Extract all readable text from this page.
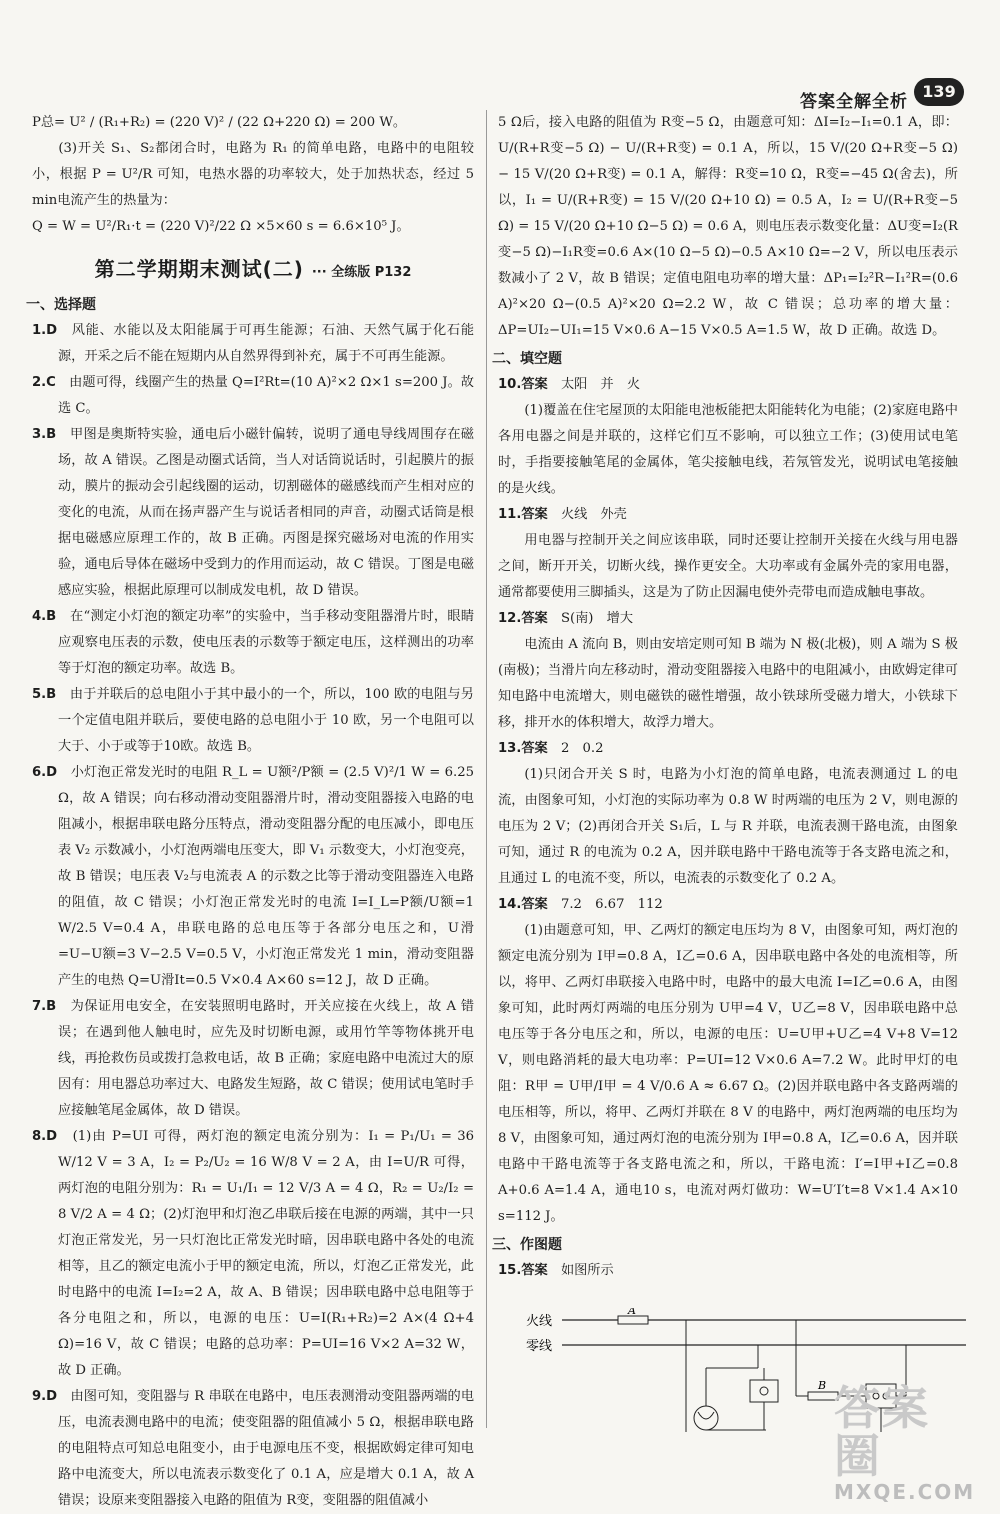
答案全解全析
139

P总= U² / (R₁+R₂) = (220 V)² / (22 Ω+220 Ω) = 200 W。

(3)开关 S₁、S₂都闭合时，电路为 R₁ 的简单电路，电路中的电阻较小，根据 P = U²/R 可知，电热水器的功率较大，处于加热状态，经过 5 min电流产生的热量为：

Q = W = U²/R₁·t = (220 V)²/22 Ω ×5×60 s = 6.6×10⁵ J。

第二学期期末测试(二) ··· 全练版 P132
一、选择题

1.D　 风能、水能以及太阳能属于可再生能源；石油、天然气属于化石能源，开采之后不能在短期内从自然界得到补充，属于不可再生能源。

2.C　 由题可得，线圈产生的热量 Q=I²Rt=(10 A)²×2 Ω×1 s=200 J。故选 C。

3.B　 甲图是奥斯特实验，通电后小磁针偏转，说明了通电导线周围存在磁场，故 A 错误。乙图是动圈式话筒，当人对话筒说话时，引起膜片的振动，膜片的振动会引起线圈的运动，切割磁体的磁感线而产生相对应的变化的电流，从而在扬声器产生与说话者相同的声音，动圈式话筒是根据电磁感应原理工作的，故 B 正确。丙图是探究磁场对电流的作用实验，通电后导体在磁场中受到力的作用而运动，故 C 错误。丁图是电磁感应实验，根据此原理可以制成发电机，故 D 错误。

4.B　 在“测定小灯泡的额定功率”的实验中，当手移动变阻器滑片时，眼睛应观察电压表的示数，使电压表的示数等于额定电压，这样测出的功率等于灯泡的额定功率。故选 B。

5.B　 由于并联后的总电阻小于其中最小的一个，所以，100 欧的电阻与另一个定值电阻并联后，要使电路的总电阻小于 10 欧，另一个电阻可以大于、小于或等于10欧。故选 B。

6.D　 小灯泡正常发光时的电阻 R_L = U额²/P额 = (2.5 V)²/1 W = 6.25 Ω，故 A 错误；向右移动滑动变阻器滑片时，滑动变阻器接入电路的电阻减小，根据串联电路分压特点，滑动变阻器分配的电压减小，即电压表 V₂ 示数减小，小灯泡两端电压变大，即 V₁ 示数变大，小灯泡变亮，故 B 错误；电压表 V₂与电流表 A 的示数之比等于滑动变阻器连入电路的阻值，故 C 错误；小灯泡正常发光时的电流 I=I_L=P额/U额=1 W/2.5 V=0.4 A，串联电路的总电压等于各部分电压之和，U滑=U−U额=3 V−2.5 V=0.5 V，小灯泡正常发光 1 min，滑动变阻器产生的电热 Q=U滑It=0.5 V×0.4 A×60 s=12 J，故 D 正确。

7.B　 为保证用电安全，在安装照明电路时，开关应接在火线上，故 A 错误；在遇到他人触电时，应先及时切断电源，或用竹竿等物体挑开电线，再抢救伤员或拨打急救电话，故 B 正确；家庭电路中电流过大的原因有：用电器总功率过大、电路发生短路，故 C 错误；使用试电笔时手应接触笔尾金属体，故 D 错误。

8.D　 (1)由 P=UI 可得，两灯泡的额定电流分别为：I₁ = P₁/U₁ = 36 W/12 V = 3 A，I₂ = P₂/U₂ = 16 W/8 V = 2 A，由 I=U/R 可得，两灯泡的电阻分别为：R₁ = U₁/I₁ = 12 V/3 A = 4 Ω，R₂ = U₂/I₂ = 8 V/2 A = 4 Ω；(2)灯泡甲和灯泡乙串联后接在电源的两端，其中一只灯泡正常发光，另一只灯泡比正常发光时暗，因串联电路中各处的电流相等，且乙的额定电流小于甲的额定电流，所以，灯泡乙正常发光，此时电路中的电流 I=I₂=2 A，故 A、B 错误；因串联电路中总电阻等于各分电阻之和，所以，电源的电压：U=I(R₁+R₂)=2 A×(4 Ω+4 Ω)=16 V，故 C 错误；电路的总功率：P=UI=16 V×2 A=32 W，故 D 正确。

9.D　 由图可知，变阻器与 R 串联在电路中，电压表测滑动变阻器两端的电压，电流表测电路中的电流；使变阻器的阻值减小 5 Ω，根据串联电路的电阻特点可知总电阻变小，由于电源电压不变，根据欧姆定律可知电路中电流变大，所以电流表示数变化了 0.1 A，应是增大 0.1 A，故 A 错误；设原来变阻器接入电路的阻值为 R变，变阻器的阻值减小

5 Ω后，接入电路的阻值为 R变−5 Ω，由题意可知：ΔI=I₂−I₁=0.1 A，即：U/(R+R变−5 Ω) − U/(R+R变) = 0.1 A，所以，15 V/(20 Ω+R变−5 Ω) − 15 V/(20 Ω+R变) = 0.1 A，解得：R变=10 Ω，R变=−45 Ω(舍去)，所以，I₁ = U/(R+R变) = 15 V/(20 Ω+10 Ω) = 0.5 A，I₂ = U/(R+R变−5 Ω) = 15 V/(20 Ω+10 Ω−5 Ω) = 0.6 A，则电压表示数变化量：ΔU变=I₂(R变−5 Ω)−I₁R变=0.6 A×(10 Ω−5 Ω)−0.5 A×10 Ω=−2 V，所以电压表示数减小了 2 V，故 B 错误；定值电阻电功率的增大量：ΔP₁=I₂²R−I₁²R=(0.6 A)²×20 Ω−(0.5 A)²×20 Ω=2.2 W，故 C 错误；总功率的增大量：ΔP=UI₂−UI₁=15 V×0.6 A−15 V×0.5 A=1.5 W，故 D 正确。故选 D。

二、填空题

10.答案　 太阳　并　火

(1)覆盖在住宅屋顶的太阳能电池板能把太阳能转化为电能；(2)家庭电路中各用电器之间是并联的，这样它们互不影响，可以独立工作；(3)使用试电笔时，手指要接触笔尾的金属体，笔尖接触电线，若氖管发光，说明试电笔接触的是火线。

11.答案　 火线　外壳

用电器与控制开关之间应该串联，同时还要让控制开关接在火线与用电器之间，断开开关，切断火线，操作更安全。大功率或有金属外壳的家用电器，通常都要使用三脚插头，这是为了防止因漏电使外壳带电而造成触电事故。

12.答案　 S(南)　增大

电流由 A 流向 B，则由安培定则可知 B 端为 N 极(北极)，则 A 端为 S 极(南极)；当滑片向左移动时，滑动变阻器接入电路中的电阻减小，由欧姆定律可知电路中电流增大，则电磁铁的磁性增强，故小铁球所受磁力增大，小铁球下移，排开水的体积增大，故浮力增大。

13.答案　 2　0.2

(1)只闭合开关 S 时，电路为小灯泡的简单电路，电流表测通过 L 的电流，由图象可知，小灯泡的实际功率为 0.8 W 时两端的电压为 2 V，则电源的电压为 2 V；(2)再闭合开关 S₁后，L 与 R 并联，电流表测干路电流，由图象可知，通过 R 的电流为 0.2 A，因并联电路中干路电流等于各支路电流之和，且通过 L 的电流不变，所以，电流表的示数变化了 0.2 A。

14.答案　 7.2　6.67　112

(1)由题意可知，甲、乙两灯的额定电压均为 8 V，由图象可知，两灯泡的额定电流分别为 I甲=0.8 A，I乙=0.6 A，因串联电路中各处的电流相等，所以，将甲、乙两灯串联接入电路中时，电路中的最大电流 I=I乙=0.6 A，由图象可知，此时两灯两端的电压分别为 U甲=4 V，U乙=8 V，因串联电路中总电压等于各分电压之和，所以，电源的电压：U=U甲+U乙=4 V+8 V=12 V，则电路消耗的最大电功率：P=UI=12 V×0.6 A=7.2 W。此时甲灯的电阻：R甲 = U甲/I甲 = 4 V/0.6 A ≈ 6.67 Ω。(2)因并联电路中各支路两端的电压相等，所以，将甲、乙两灯并联在 8 V 的电路中，两灯泡两端的电压均为 8 V，由图象可知，通过两灯泡的电流分别为 I甲=0.8 A，I乙=0.6 A，因并联电路中干路电流等于各支路电流之和，所以，干路电流：I′=I甲+I乙=0.8 A+0.6 A=1.4 A，通电10 s，电流对两灯做功：W=U′I′t=8 V×1.4 A×10 s=112 J。

三、作图题

15.答案　 如图所示

火线
零线
A
B 答案圈
MXQE.COM
